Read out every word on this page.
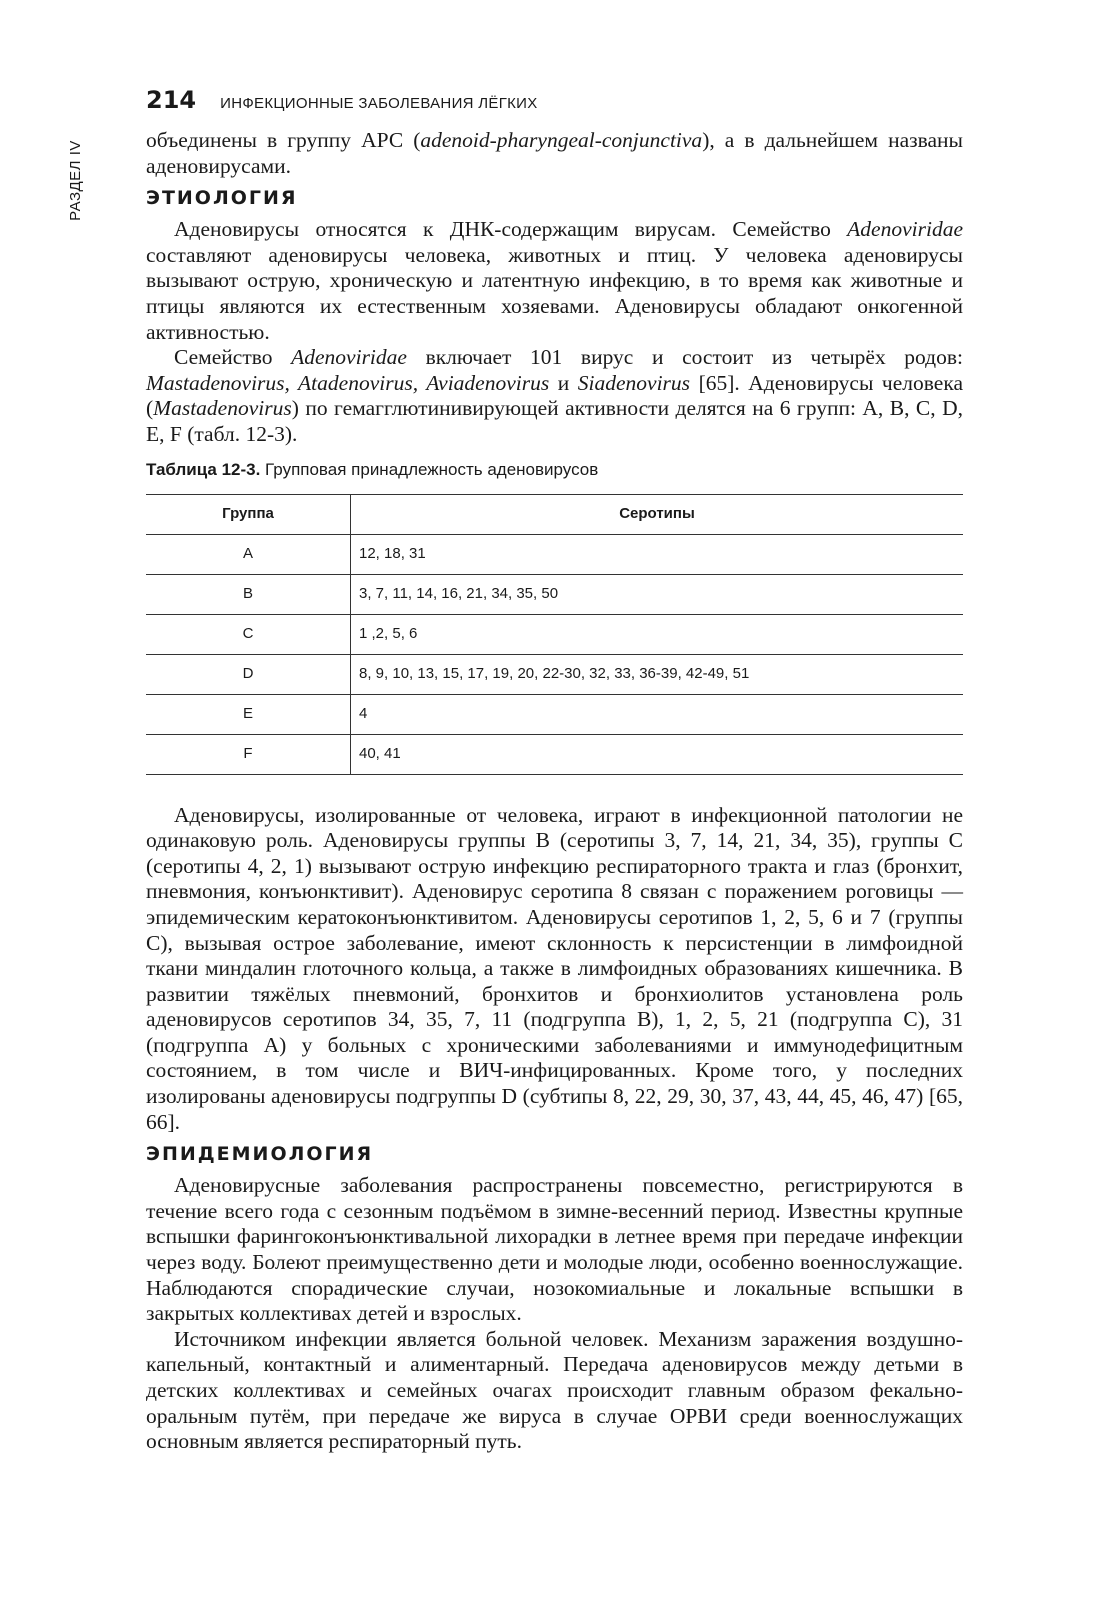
РАЗДЕЛ IV
214 ИНФЕКЦИОННЫЕ ЗАБОЛЕВАНИЯ ЛЁГКИХ

объединены в группу АРС (adenoid-pharyngeal-conjunctiva), а в дальнейшем названы аденовирусами.

ЭТИОЛОГИЯ

Аденовирусы относятся к ДНК-содержащим вирусам. Семейство Adenoviridae составляют аденовирусы человека, животных и птиц. У человека аденовирусы вызывают острую, хроническую и латентную инфекцию, в то время как животные и птицы являются их естественным хозяевами. Аденовирусы обладают онкогенной активностью.

Семейство Adenoviridae включает 101 вирус и состоит из четырёх родов: Mastadenovirus, Atadenovirus, Aviadenovirus и Siadenovirus [65]. Аденовирусы человека (Mastadenovirus) по гемагглютинивирующей активности делятся на 6 групп: A, B, C, D, E, F (табл. 12-3).

Таблица 12-3. Групповая принадлежность аденовирусов
Группа	Серотипы
A	12, 18, 31
B	3, 7, 11, 14, 16, 21, 34, 35, 50
C	1 ,2, 5, 6
D	8, 9, 10, 13, 15, 17, 19, 20, 22-30, 32, 33, 36-39, 42-49, 51
E	4
F	40, 41

Аденовирусы, изолированные от человека, играют в инфекционной патологии не одинаковую роль. Аденовирусы группы B (серотипы 3, 7, 14, 21, 34, 35), группы C (серотипы 4, 2, 1) вызывают острую инфекцию респираторного тракта и глаз (бронхит, пневмония, конъюнктивит). Аденовирус серотипа 8 связан с поражением роговицы — эпидемическим кератоконъюнктивитом. Аденовирусы серотипов 1, 2, 5, 6 и 7 (группы C), вызывая острое заболевание, имеют склонность к персистенции в лимфоидной ткани миндалин глоточного кольца, а также в лимфоидных образованиях кишечника. В развитии тяжёлых пневмоний, бронхитов и бронхиолитов установлена роль аденовирусов серотипов 34, 35, 7, 11 (подгруппа B), 1, 2, 5, 21 (подгруппа C), 31 (подгруппа A) у больных с хроническими заболеваниями и иммунодефицитным состоянием, в том числе и ВИЧ-инфицированных. Кроме того, у последних изолированы аденовирусы подгруппы D (субтипы 8, 22, 29, 30, 37, 43, 44, 45, 46, 47) [65, 66].

ЭПИДЕМИОЛОГИЯ

Аденовирусные заболевания распространены повсеместно, регистрируются в течение всего года с сезонным подъёмом в зимне-весенний период. Известны крупные вспышки фарингоконъюнктивальной лихорадки в летнее время при передаче инфекции через воду. Болеют преимущественно дети и молодые люди, особенно военнослужащие. Наблюдаются спорадические случаи, нозокомиальные и локальные вспышки в закрытых коллективах детей и взрослых.

Источником инфекции является больной человек. Механизм заражения воздушно-капельный, контактный и алиментарный. Передача аденовирусов между детьми в детских коллективах и семейных очагах происходит главным образом фекально-оральным путём, при передаче же вируса в случае ОРВИ среди военнослужащих основным является респираторный путь.
